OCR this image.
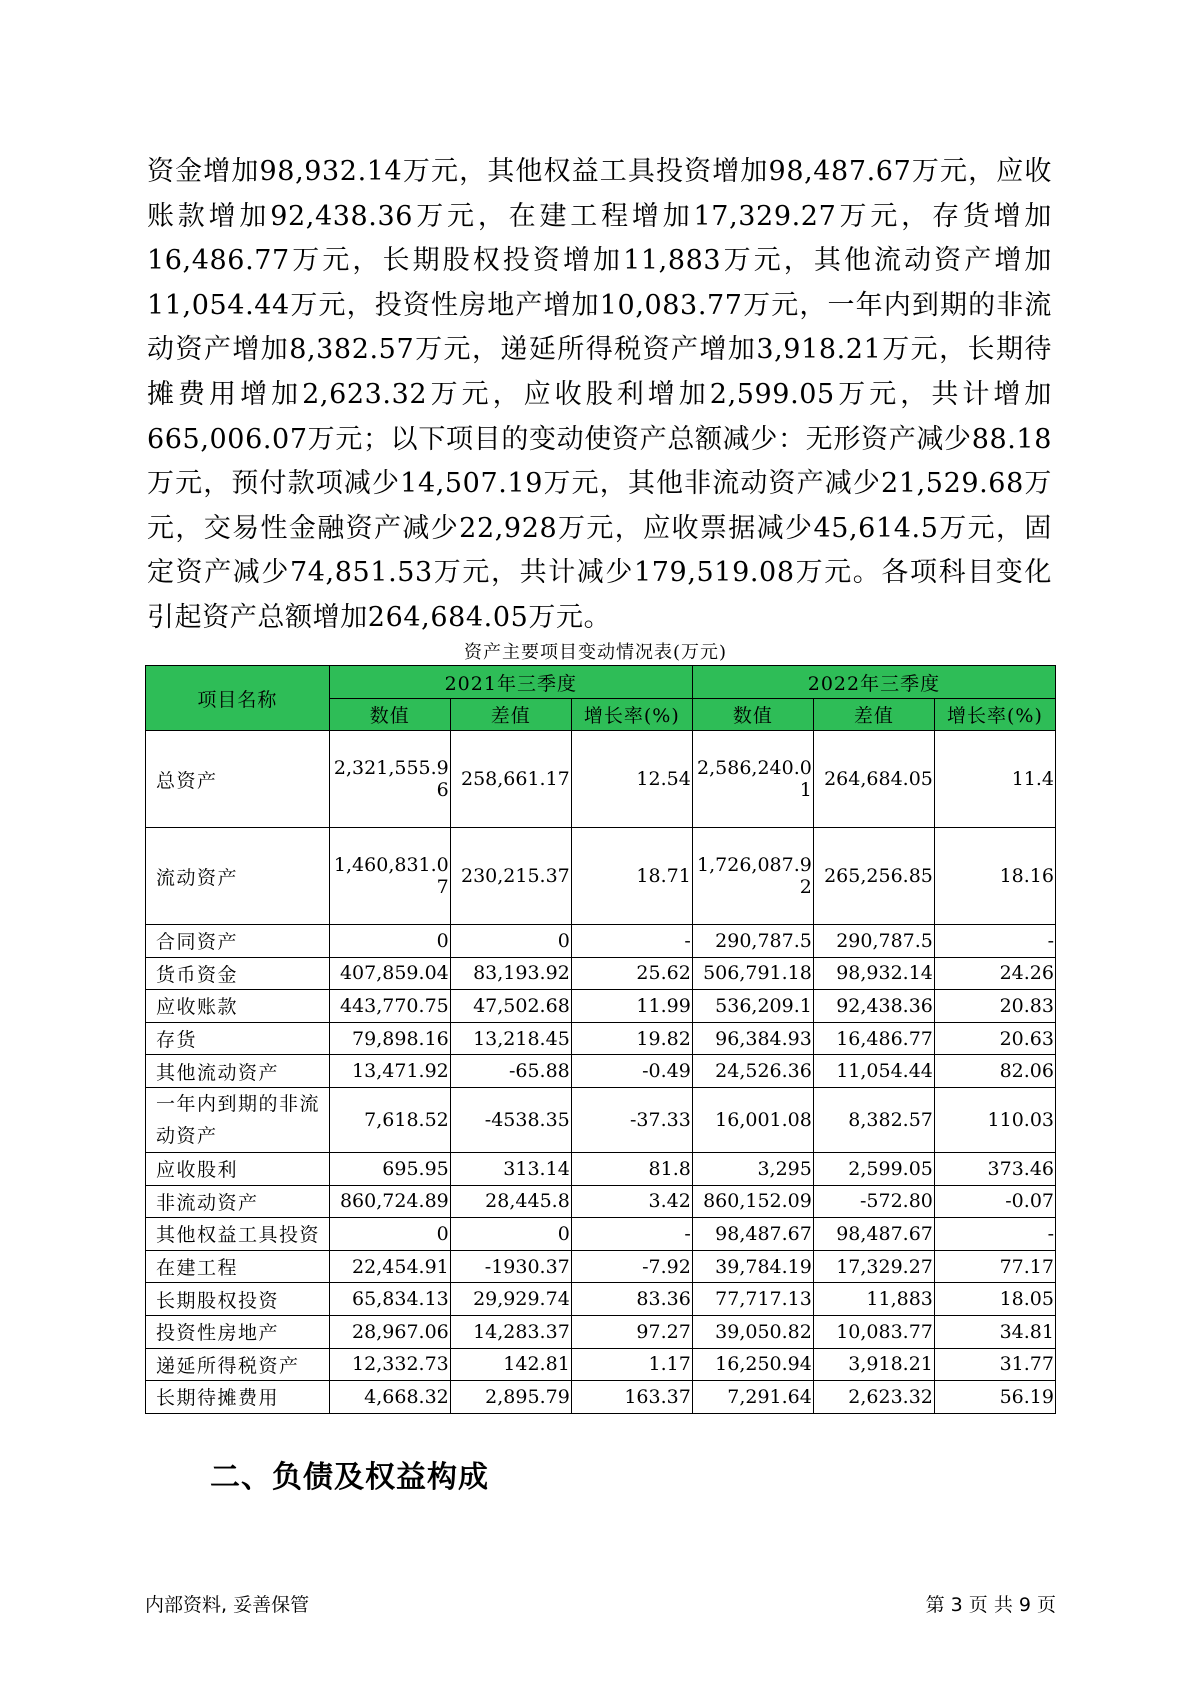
资金增加98,932.14万元，其他权益工具投资增加98,487.67万元，应收账款增加92,438.36万元，在建工程增加17,329.27万元，存货增加16,486.77万元，长期股权投资增加11,883万元，其他流动资产增加11,054.44万元，投资性房地产增加10,083.77万元，一年内到期的非流动资产增加8,382.57万元，递延所得税资产增加3,918.21万元，长期待摊费用增加2,623.32万元，应收股利增加2,599.05万元，共计增加665,006.07万元；以下项目的变动使资产总额减少：无形资产减少88.18万元，预付款项减少14,507.19万元，其他非流动资产减少21,529.68万元，交易性金融资产减少22,928万元，应收票据减少45,614.5万元，固定资产减少74,851.53万元，共计减少179,519.08万元。各项科目变化引起资产总额增加264,684.05万元。

资产主要项目变动情况表(万元)
项目名称	2021年三季度			2022年三季度		
	数值	差值	增长率(%)	数值	差值	增长率(%)
总资产	2,321,555.96	258,661.17	12.54	2,586,240.01	264,684.05	11.4
流动资产	1,460,831.07	230,215.37	18.71	1,726,087.92	265,256.85	18.16
合同资产	0	0	-	290,787.5	290,787.5	-
货币资金	407,859.04	83,193.92	25.62	506,791.18	98,932.14	24.26
应收账款	443,770.75	47,502.68	11.99	536,209.1	92,438.36	20.83
存货	79,898.16	13,218.45	19.82	96,384.93	16,486.77	20.63
其他流动资产	13,471.92	-65.88	-0.49	24,526.36	11,054.44	82.06
一年内到期的非流动资产	7,618.52	-4538.35	-37.33	16,001.08	8,382.57	110.03
应收股利	695.95	313.14	81.8	3,295	2,599.05	373.46
非流动资产	860,724.89	28,445.8	3.42	860,152.09	-572.80	-0.07
其他权益工具投资	0	0	-	98,487.67	98,487.67	-
在建工程	22,454.91	-1930.37	-7.92	39,784.19	17,329.27	77.17
长期股权投资	65,834.13	29,929.74	83.36	77,717.13	11,883	18.05
投资性房地产	28,967.06	14,283.37	97.27	39,050.82	10,083.77	34.81
递延所得税资产	12,332.73	142.81	1.17	16,250.94	3,918.21	31.77
长期待摊费用	4,668.32	2,895.79	163.37	7,291.64	2,623.32	56.19
二、负债及权益构成
内部资料, 妥善保管	第 3 页 共 9 页
